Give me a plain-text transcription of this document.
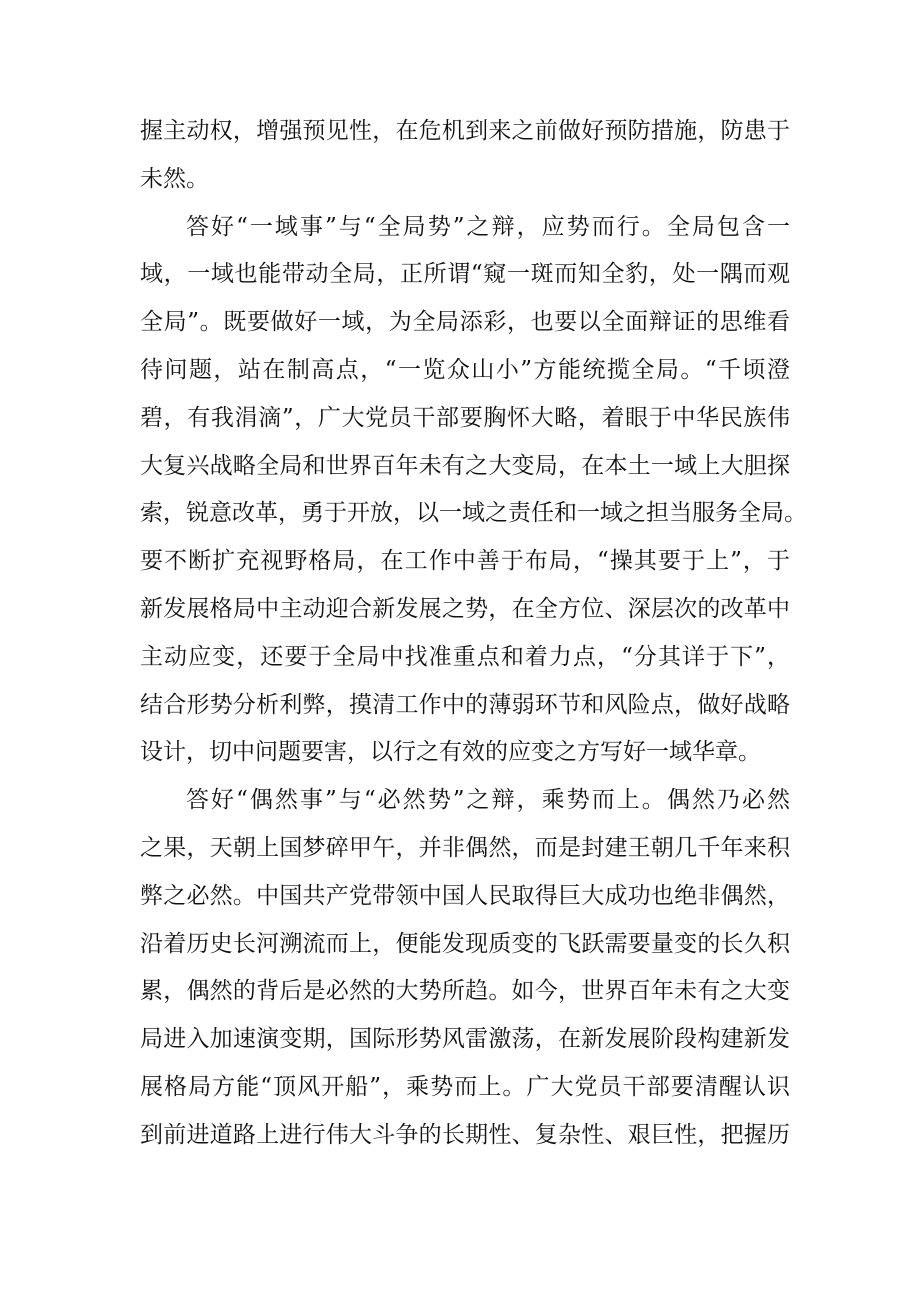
握主动权，增强预见性，在危机到来之前做好预防措施，防患于
未然。
答好“一域事”与“全局势”之辩，应势而行。全局包含一
域，一域也能带动全局，正所谓“窥一斑而知全豹，处一隅而观
全局”。既要做好一域，为全局添彩，也要以全面辩证的思维看
待问题，站在制高点，“一览众山小”方能统揽全局。“千顷澄
碧，有我涓滴”，广大党员干部要胸怀大略，着眼于中华民族伟
大复兴战略全局和世界百年未有之大变局，在本土一域上大胆探
索，锐意改革，勇于开放，以一域之责任和一域之担当服务全局。
要不断扩充视野格局，在工作中善于布局，“操其要于上”，于
新发展格局中主动迎合新发展之势，在全方位、深层次的改革中
主动应变，还要于全局中找准重点和着力点，“分其详于下”，
结合形势分析利弊，摸清工作中的薄弱环节和风险点，做好战略
设计，切中问题要害，以行之有效的应变之方写好一域华章。
答好“偶然事”与“必然势”之辩，乘势而上。偶然乃必然
之果，天朝上国梦碎甲午，并非偶然，而是封建王朝几千年来积
弊之必然。中国共产党带领中国人民取得巨大成功也绝非偶然，
沿着历史长河溯流而上，便能发现质变的飞跃需要量变的长久积
累，偶然的背后是必然的大势所趋。如今，世界百年未有之大变
局进入加速演变期，国际形势风雷激荡，在新发展阶段构建新发
展格局方能“顶风开船”，乘势而上。广大党员干部要清醒认识
到前进道路上进行伟大斗争的长期性、复杂性、艰巨性，把握历
